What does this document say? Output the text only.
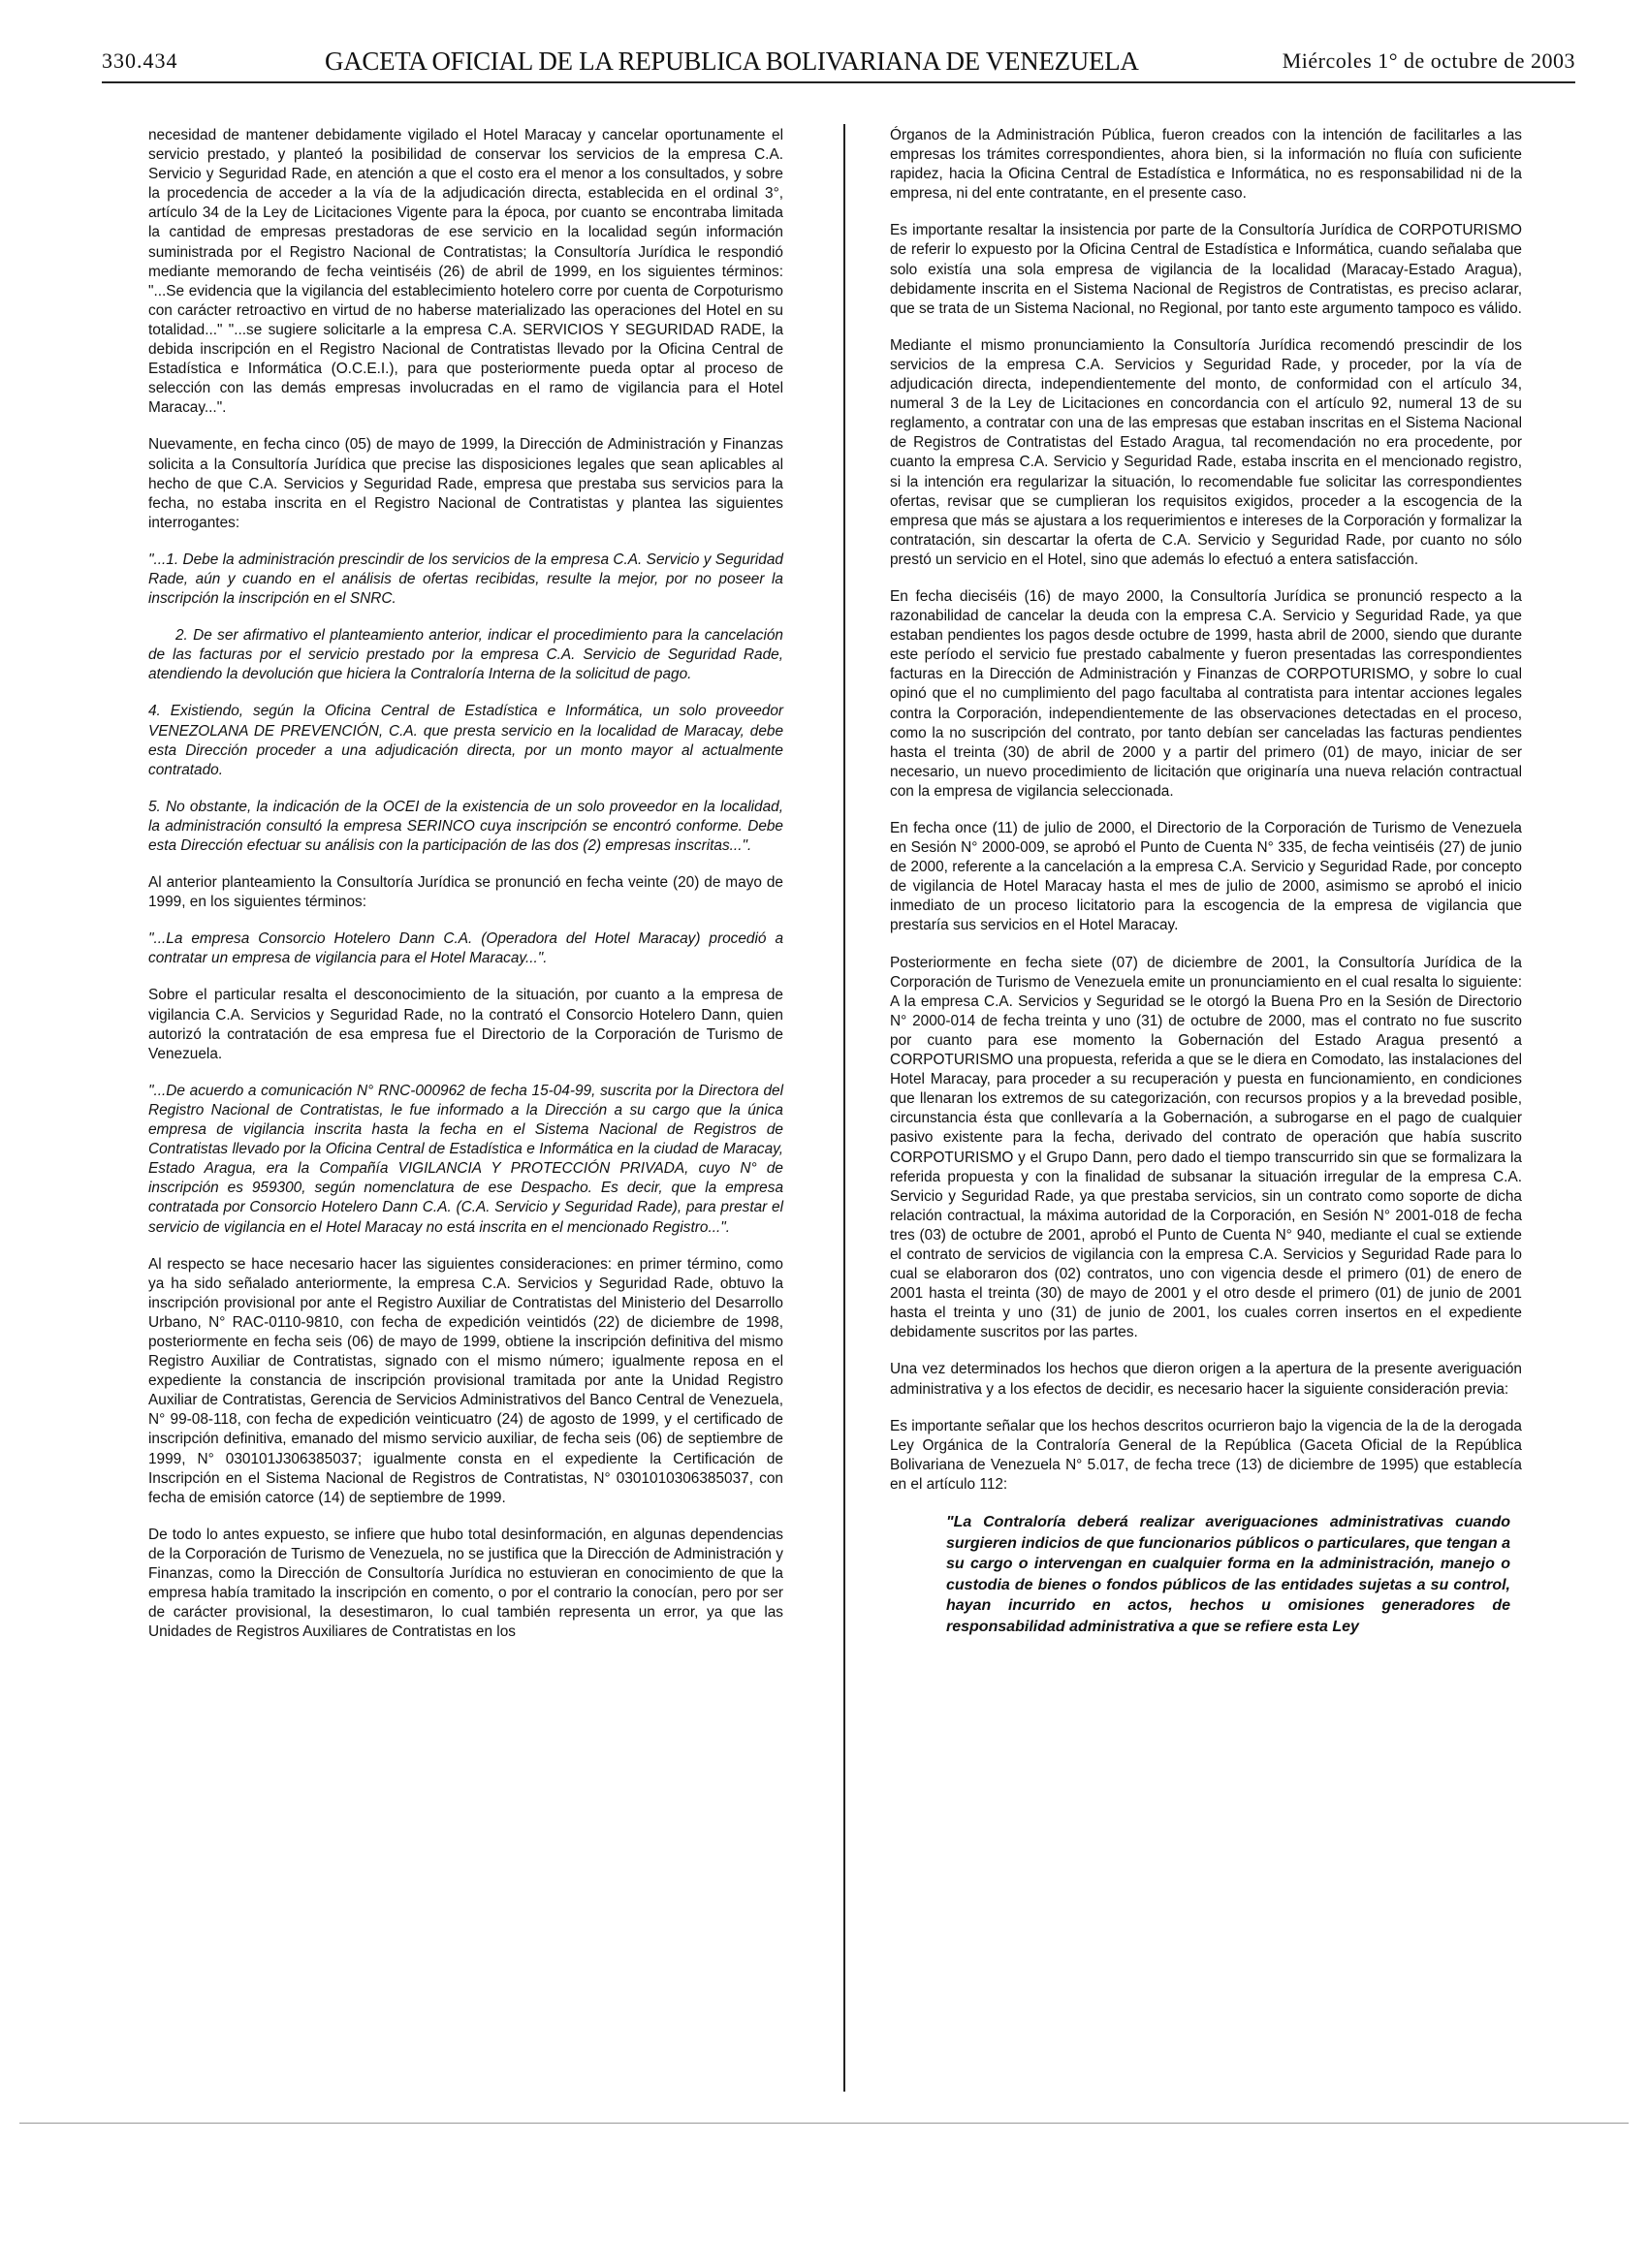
330.434	GACETA OFICIAL DE LA REPUBLICA BOLIVARIANA DE VENEZUELA	Miércoles 1° de octubre de 2003

necesidad de mantener debidamente vigilado el Hotel Maracay y cancelar oportunamente el servicio prestado, y planteó la posibilidad de conservar los servicios de la empresa C.A. Servicio y Seguridad Rade, en atención a que el costo era el menor a los consultados, y sobre la procedencia de acceder a la vía de la adjudicación directa, establecida en el ordinal 3°, artículo 34 de la Ley de Licitaciones Vigente para la época, por cuanto se encontraba limitada la cantidad de empresas prestadoras de ese servicio en la localidad según información suministrada por el Registro Nacional de Contratistas; la Consultoría Jurídica le respondió mediante memorando de fecha veintiséis (26) de abril de 1999, en los siguientes términos: "...Se evidencia que la vigilancia del establecimiento hotelero corre por cuenta de Corpoturismo con carácter retroactivo en virtud de no haberse materializado las operaciones del Hotel en su totalidad..." "...se sugiere solicitarle a la empresa C.A. SERVICIOS Y SEGURIDAD RADE, la debida inscripción en el Registro Nacional de Contratistas llevado por la Oficina Central de Estadística e Informática (O.C.E.I.), para que posteriormente pueda optar al proceso de selección con las demás empresas involucradas en el ramo de vigilancia para el Hotel Maracay...".

Nuevamente, en fecha cinco (05) de mayo de 1999, la Dirección de Administración y Finanzas solicita a la Consultoría Jurídica que precise las disposiciones legales que sean aplicables al hecho de que C.A. Servicios y Seguridad Rade, empresa que prestaba sus servicios para la fecha, no estaba inscrita en el Registro Nacional de Contratistas y plantea las siguientes interrogantes:

"...1. Debe la administración prescindir de los servicios de la empresa C.A. Servicio y Seguridad Rade, aún y cuando en el análisis de ofertas recibidas, resulte la mejor, por no poseer la inscripción la inscripción en el SNRC.

2. De ser afirmativo el planteamiento anterior, indicar el procedimiento para la cancelación de las facturas por el servicio prestado por la empresa C.A. Servicio de Seguridad Rade, atendiendo la devolución que hiciera la Contraloría Interna de la solicitud de pago.

4. Existiendo, según la Oficina Central de Estadística e Informática, un solo proveedor VENEZOLANA DE PREVENCIÓN, C.A. que presta servicio en la localidad de Maracay, debe esta Dirección proceder a una adjudicación directa, por un monto mayor al actualmente contratado.

5. No obstante, la indicación de la OCEI de la existencia de un solo proveedor en la localidad, la administración consultó la empresa SERINCO cuya inscripción se encontró conforme. Debe esta Dirección efectuar su análisis con la participación de las dos (2) empresas inscritas...".

Al anterior planteamiento la Consultoría Jurídica se pronunció en fecha veinte (20) de mayo de 1999, en los siguientes términos:

"...La empresa Consorcio Hotelero Dann C.A. (Operadora del Hotel Maracay) procedió a contratar un empresa de vigilancia para el Hotel Maracay...".

Sobre el particular resalta el desconocimiento de la situación, por cuanto a la empresa de vigilancia C.A. Servicios y Seguridad Rade, no la contrató el Consorcio Hotelero Dann, quien autorizó la contratación de esa empresa fue el Directorio de la Corporación de Turismo de Venezuela.

"...De acuerdo a comunicación N° RNC-000962 de fecha 15-04-99, suscrita por la Directora del Registro Nacional de Contratistas, le fue informado a la Dirección a su cargo que la única empresa de vigilancia inscrita hasta la fecha en el Sistema Nacional de Registros de Contratistas llevado por la Oficina Central de Estadística e Informática en la ciudad de Maracay, Estado Aragua, era la Compañía VIGILANCIA Y PROTECCIÓN PRIVADA, cuyo N° de inscripción es 959300, según nomenclatura de ese Despacho. Es decir, que la empresa contratada por Consorcio Hotelero Dann C.A. (C.A. Servicio y Seguridad Rade), para prestar el servicio de vigilancia en el Hotel Maracay no está inscrita en el mencionado Registro...".

Al respecto se hace necesario hacer las siguientes consideraciones: en primer término, como ya ha sido señalado anteriormente, la empresa C.A. Servicios y Seguridad Rade, obtuvo la inscripción provisional por ante el Registro Auxiliar de Contratistas del Ministerio del Desarrollo Urbano, N° RAC-0110-9810, con fecha de expedición veintidós (22) de diciembre de 1998, posteriormente en fecha seis (06) de mayo de 1999, obtiene la inscripción definitiva del mismo Registro Auxiliar de Contratistas, signado con el mismo número; igualmente reposa en el expediente la constancia de inscripción provisional tramitada por ante la Unidad Registro Auxiliar de Contratistas, Gerencia de Servicios Administrativos del Banco Central de Venezuela, N° 99-08-118, con fecha de expedición veinticuatro (24) de agosto de 1999, y el certificado de inscripción definitiva, emanado del mismo servicio auxiliar, de fecha seis (06) de septiembre de 1999, N° 030101J306385037; igualmente consta en el expediente la Certificación de Inscripción en el Sistema Nacional de Registros de Contratistas, N° 0301010306385037, con fecha de emisión catorce (14) de septiembre de 1999.

De todo lo antes expuesto, se infiere que hubo total desinformación, en algunas dependencias de la Corporación de Turismo de Venezuela, no se justifica que la Dirección de Administración y Finanzas, como la Dirección de Consultoría Jurídica no estuvieran en conocimiento de que la empresa había tramitado la inscripción en comento, o por el contrario la conocían, pero por ser de carácter provisional, la desestimaron, lo cual también representa un error, ya que las Unidades de Registros Auxiliares de Contratistas en los

Órganos de la Administración Pública, fueron creados con la intención de facilitarles a las empresas los trámites correspondientes, ahora bien, si la información no fluía con suficiente rapidez, hacia la Oficina Central de Estadística e Informática, no es responsabilidad ni de la empresa, ni del ente contratante, en el presente caso.

Es importante resaltar la insistencia por parte de la Consultoría Jurídica de CORPOTURISMO de referir lo expuesto por la Oficina Central de Estadística e Informática, cuando señalaba que solo existía una sola empresa de vigilancia de la localidad (Maracay-Estado Aragua), debidamente inscrita en el Sistema Nacional de Registros de Contratistas, es preciso aclarar, que se trata de un Sistema Nacional, no Regional, por tanto este argumento tampoco es válido.

Mediante el mismo pronunciamiento la Consultoría Jurídica recomendó prescindir de los servicios de la empresa C.A. Servicios y Seguridad Rade, y proceder, por la vía de adjudicación directa, independientemente del monto, de conformidad con el artículo 34, numeral 3 de la Ley de Licitaciones en concordancia con el artículo 92, numeral 13 de su reglamento, a contratar con una de las empresas que estaban inscritas en el Sistema Nacional de Registros de Contratistas del Estado Aragua, tal recomendación no era procedente, por cuanto la empresa C.A. Servicio y Seguridad Rade, estaba inscrita en el mencionado registro, si la intención era regularizar la situación, lo recomendable fue solicitar las correspondientes ofertas, revisar que se cumplieran los requisitos exigidos, proceder a la escogencia de la empresa que más se ajustara a los requerimientos e intereses de la Corporación y formalizar la contratación, sin descartar la oferta de C.A. Servicio y Seguridad Rade, por cuanto no sólo prestó un servicio en el Hotel, sino que además lo efectuó a entera satisfacción.

En fecha dieciséis (16) de mayo 2000, la Consultoría Jurídica se pronunció respecto a la razonabilidad de cancelar la deuda con la empresa C.A. Servicio y Seguridad Rade, ya que estaban pendientes los pagos desde octubre de 1999, hasta abril de 2000, siendo que durante este período el servicio fue prestado cabalmente y fueron presentadas las correspondientes facturas en la Dirección de Administración y Finanzas de CORPOTURISMO, y sobre lo cual opinó que el no cumplimiento del pago facultaba al contratista para intentar acciones legales contra la Corporación, independientemente de las observaciones detectadas en el proceso, como la no suscripción del contrato, por tanto debían ser canceladas las facturas pendientes hasta el treinta (30) de abril de 2000 y a partir del primero (01) de mayo, iniciar de ser necesario, un nuevo procedimiento de licitación que originaría una nueva relación contractual con la empresa de vigilancia seleccionada.

En fecha once (11) de julio de 2000, el Directorio de la Corporación de Turismo de Venezuela en Sesión N° 2000-009, se aprobó el Punto de Cuenta N° 335, de fecha veintiséis (27) de junio de 2000, referente a la cancelación a la empresa C.A. Servicio y Seguridad Rade, por concepto de vigilancia de Hotel Maracay hasta el mes de julio de 2000, asimismo se aprobó el inicio inmediato de un proceso licitatorio para la escogencia de la empresa de vigilancia que prestaría sus servicios en el Hotel Maracay.

Posteriormente en fecha siete (07) de diciembre de 2001, la Consultoría Jurídica de la Corporación de Turismo de Venezuela emite un pronunciamiento en el cual resalta lo siguiente: A la empresa C.A. Servicios y Seguridad se le otorgó la Buena Pro en la Sesión de Directorio N° 2000-014 de fecha treinta y uno (31) de octubre de 2000, mas el contrato no fue suscrito por cuanto para ese momento la Gobernación del Estado Aragua presentó a CORPOTURISMO una propuesta, referida a que se le diera en Comodato, las instalaciones del Hotel Maracay, para proceder a su recuperación y puesta en funcionamiento, en condiciones que llenaran los extremos de su categorización, con recursos propios y a la brevedad posible, circunstancia ésta que conllevaría a la Gobernación, a subrogarse en el pago de cualquier pasivo existente para la fecha, derivado del contrato de operación que había suscrito CORPOTURISMO y el Grupo Dann, pero dado el tiempo transcurrido sin que se formalizara la referida propuesta y con la finalidad de subsanar la situación irregular de la empresa C.A. Servicio y Seguridad Rade, ya que prestaba servicios, sin un contrato como soporte de dicha relación contractual, la máxima autoridad de la Corporación, en Sesión N° 2001-018 de fecha tres (03) de octubre de 2001, aprobó el Punto de Cuenta N° 940, mediante el cual se extiende el contrato de servicios de vigilancia con la empresa C.A. Servicios y Seguridad Rade para lo cual se elaboraron dos (02) contratos, uno con vigencia desde el primero (01) de enero de 2001 hasta el treinta (30) de mayo de 2001 y el otro desde el primero (01) de junio de 2001 hasta el treinta y uno (31) de junio de 2001, los cuales corren insertos en el expediente debidamente suscritos por las partes.

Una vez determinados los hechos que dieron origen a la apertura de la presente averiguación administrativa y a los efectos de decidir, es necesario hacer la siguiente consideración previa:

Es importante señalar que los hechos descritos ocurrieron bajo la vigencia de la de la derogada Ley Orgánica de la Contraloría General de la República (Gaceta Oficial de la República Bolivariana de Venezuela N° 5.017, de fecha trece (13) de diciembre de 1995) que establecía en el artículo 112:

"La Contraloría deberá realizar averiguaciones administrativas cuando surgieren indicios de que funcionarios públicos o particulares, que tengan a su cargo o intervengan en cualquier forma en la administración, manejo o custodia de bienes o fondos públicos de las entidades sujetas a su control, hayan incurrido en actos, hechos u omisiones generadores de responsabilidad administrativa a que se refiere esta Ley
